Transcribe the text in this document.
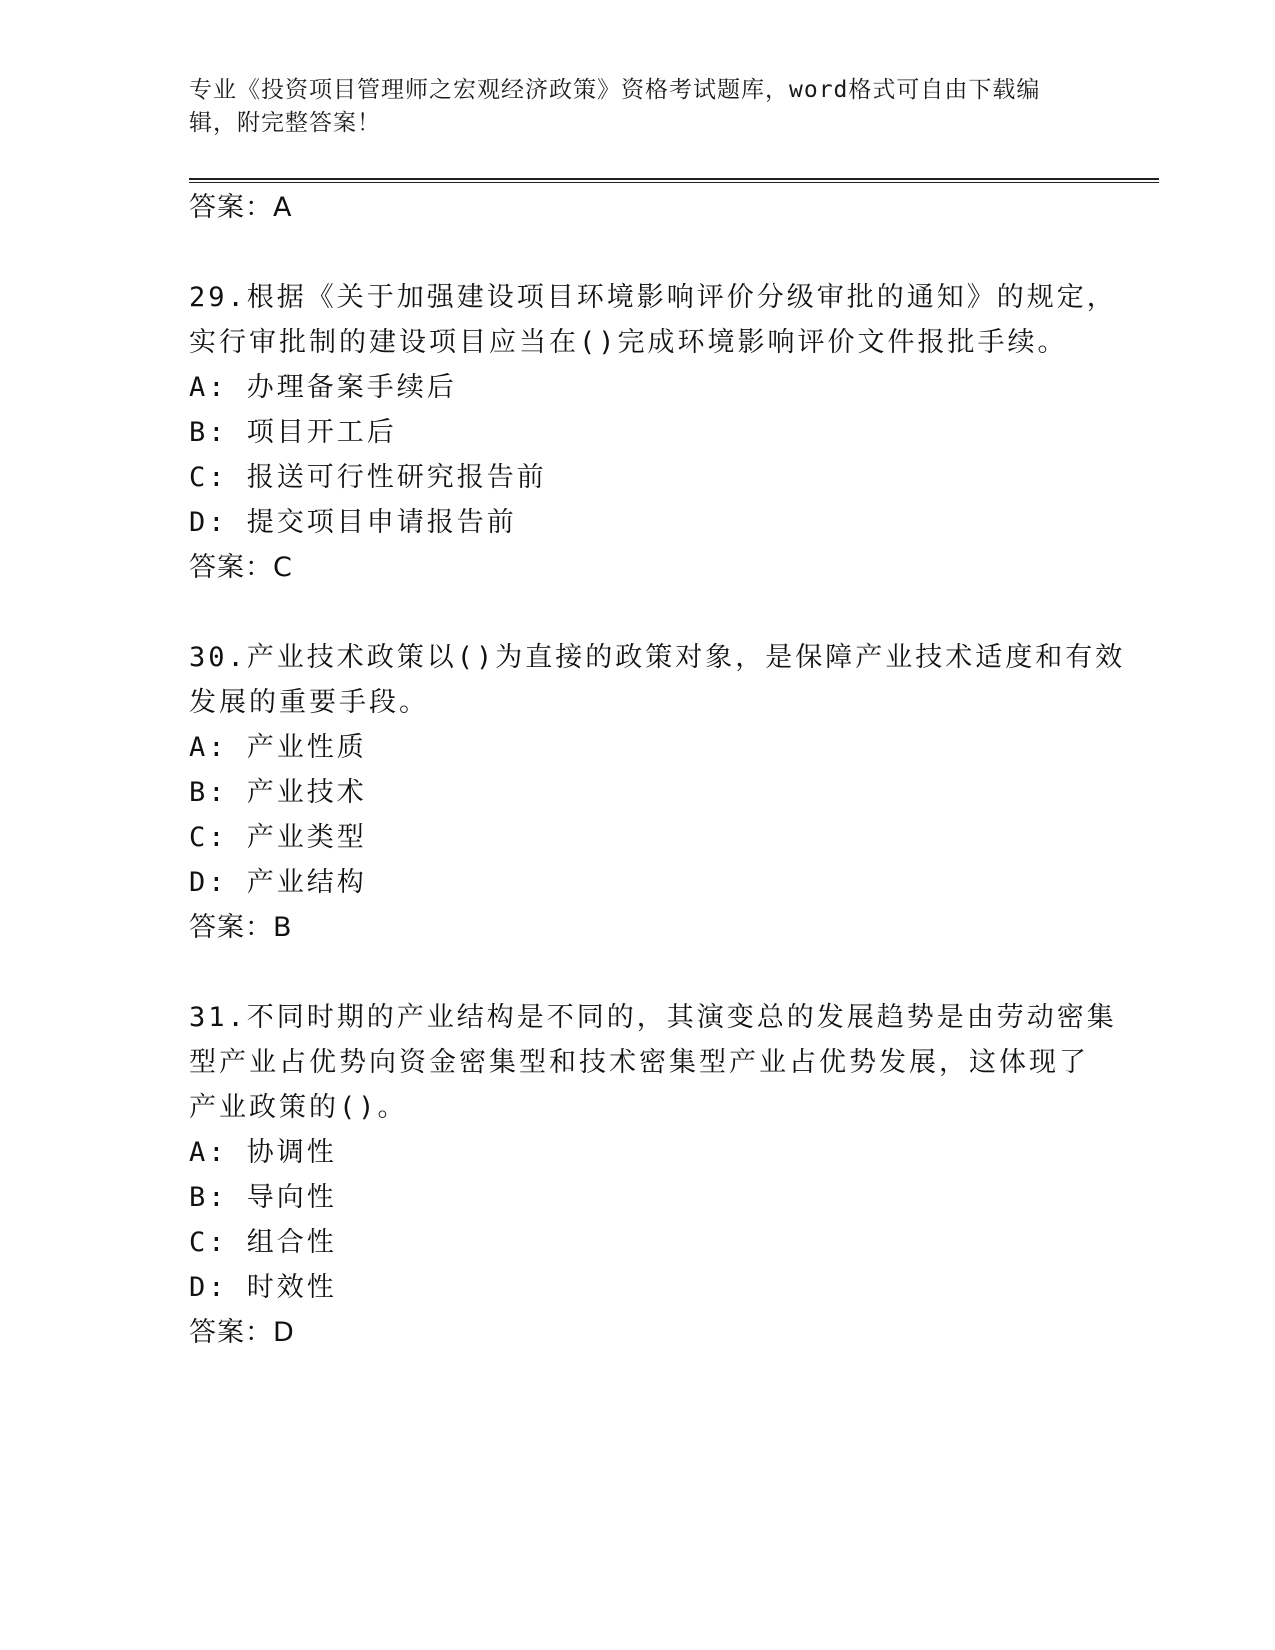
专业《投资项目管理师之宏观经济政策》资格考试题库，word格式可自由下载编辑，附完整答案！
答案：A
29.根据《关于加强建设项目环境影响评价分级审批的通知》的规定，
实行审批制的建设项目应当在()完成环境影响评价文件报批手续。
A: 办理备案手续后
B: 项目开工后
C: 报送可行性研究报告前
D: 提交项目申请报告前
答案：C
30.产业技术政策以()为直接的政策对象，是保障产业技术适度和有效
发展的重要手段。
A: 产业性质
B: 产业技术
C: 产业类型
D: 产业结构
答案：B
31.不同时期的产业结构是不同的，其演变总的发展趋势是由劳动密集
型产业占优势向资金密集型和技术密集型产业占优势发展，这体现了
产业政策的()。
A: 协调性
B: 导向性
C: 组合性
D: 时效性
答案：D
